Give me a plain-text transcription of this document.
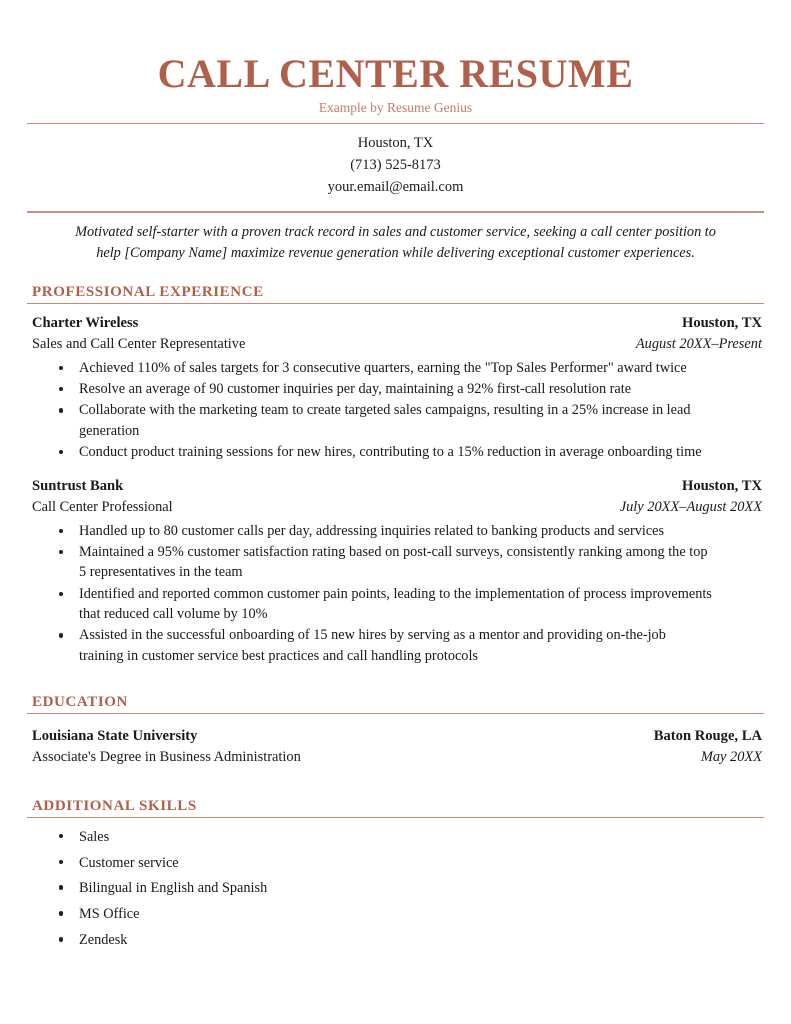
CALL CENTER RESUME
Example by Resume Genius
Houston, TX
(713) 525-8173
your.email@email.com
Motivated self-starter with a proven track record in sales and customer service, seeking a call center position to help [Company Name] maximize revenue generation while delivering exceptional customer experiences.
PROFESSIONAL EXPERIENCE
Charter Wireless	Houston, TX
Sales and Call Center Representative	August 20XX–Present
Achieved 110% of sales targets for 3 consecutive quarters, earning the "Top Sales Performer" award twice
Resolve an average of 90 customer inquiries per day, maintaining a 92% first-call resolution rate
Collaborate with the marketing team to create targeted sales campaigns, resulting in a 25% increase in lead generation
Conduct product training sessions for new hires, contributing to a 15% reduction in average onboarding time
Suntrust Bank	Houston, TX
Call Center Professional	July 20XX–August 20XX
Handled up to 80 customer calls per day, addressing inquiries related to banking products and services
Maintained a 95% customer satisfaction rating based on post-call surveys, consistently ranking among the top 5 representatives in the team
Identified and reported common customer pain points, leading to the implementation of process improvements that reduced call volume by 10%
Assisted in the successful onboarding of 15 new hires by serving as a mentor and providing on-the-job training in customer service best practices and call handling protocols
EDUCATION
Louisiana State University	Baton Rouge, LA
Associate's Degree in Business Administration	May 20XX
ADDITIONAL SKILLS
Sales
Customer service
Bilingual in English and Spanish
MS Office
Zendesk
